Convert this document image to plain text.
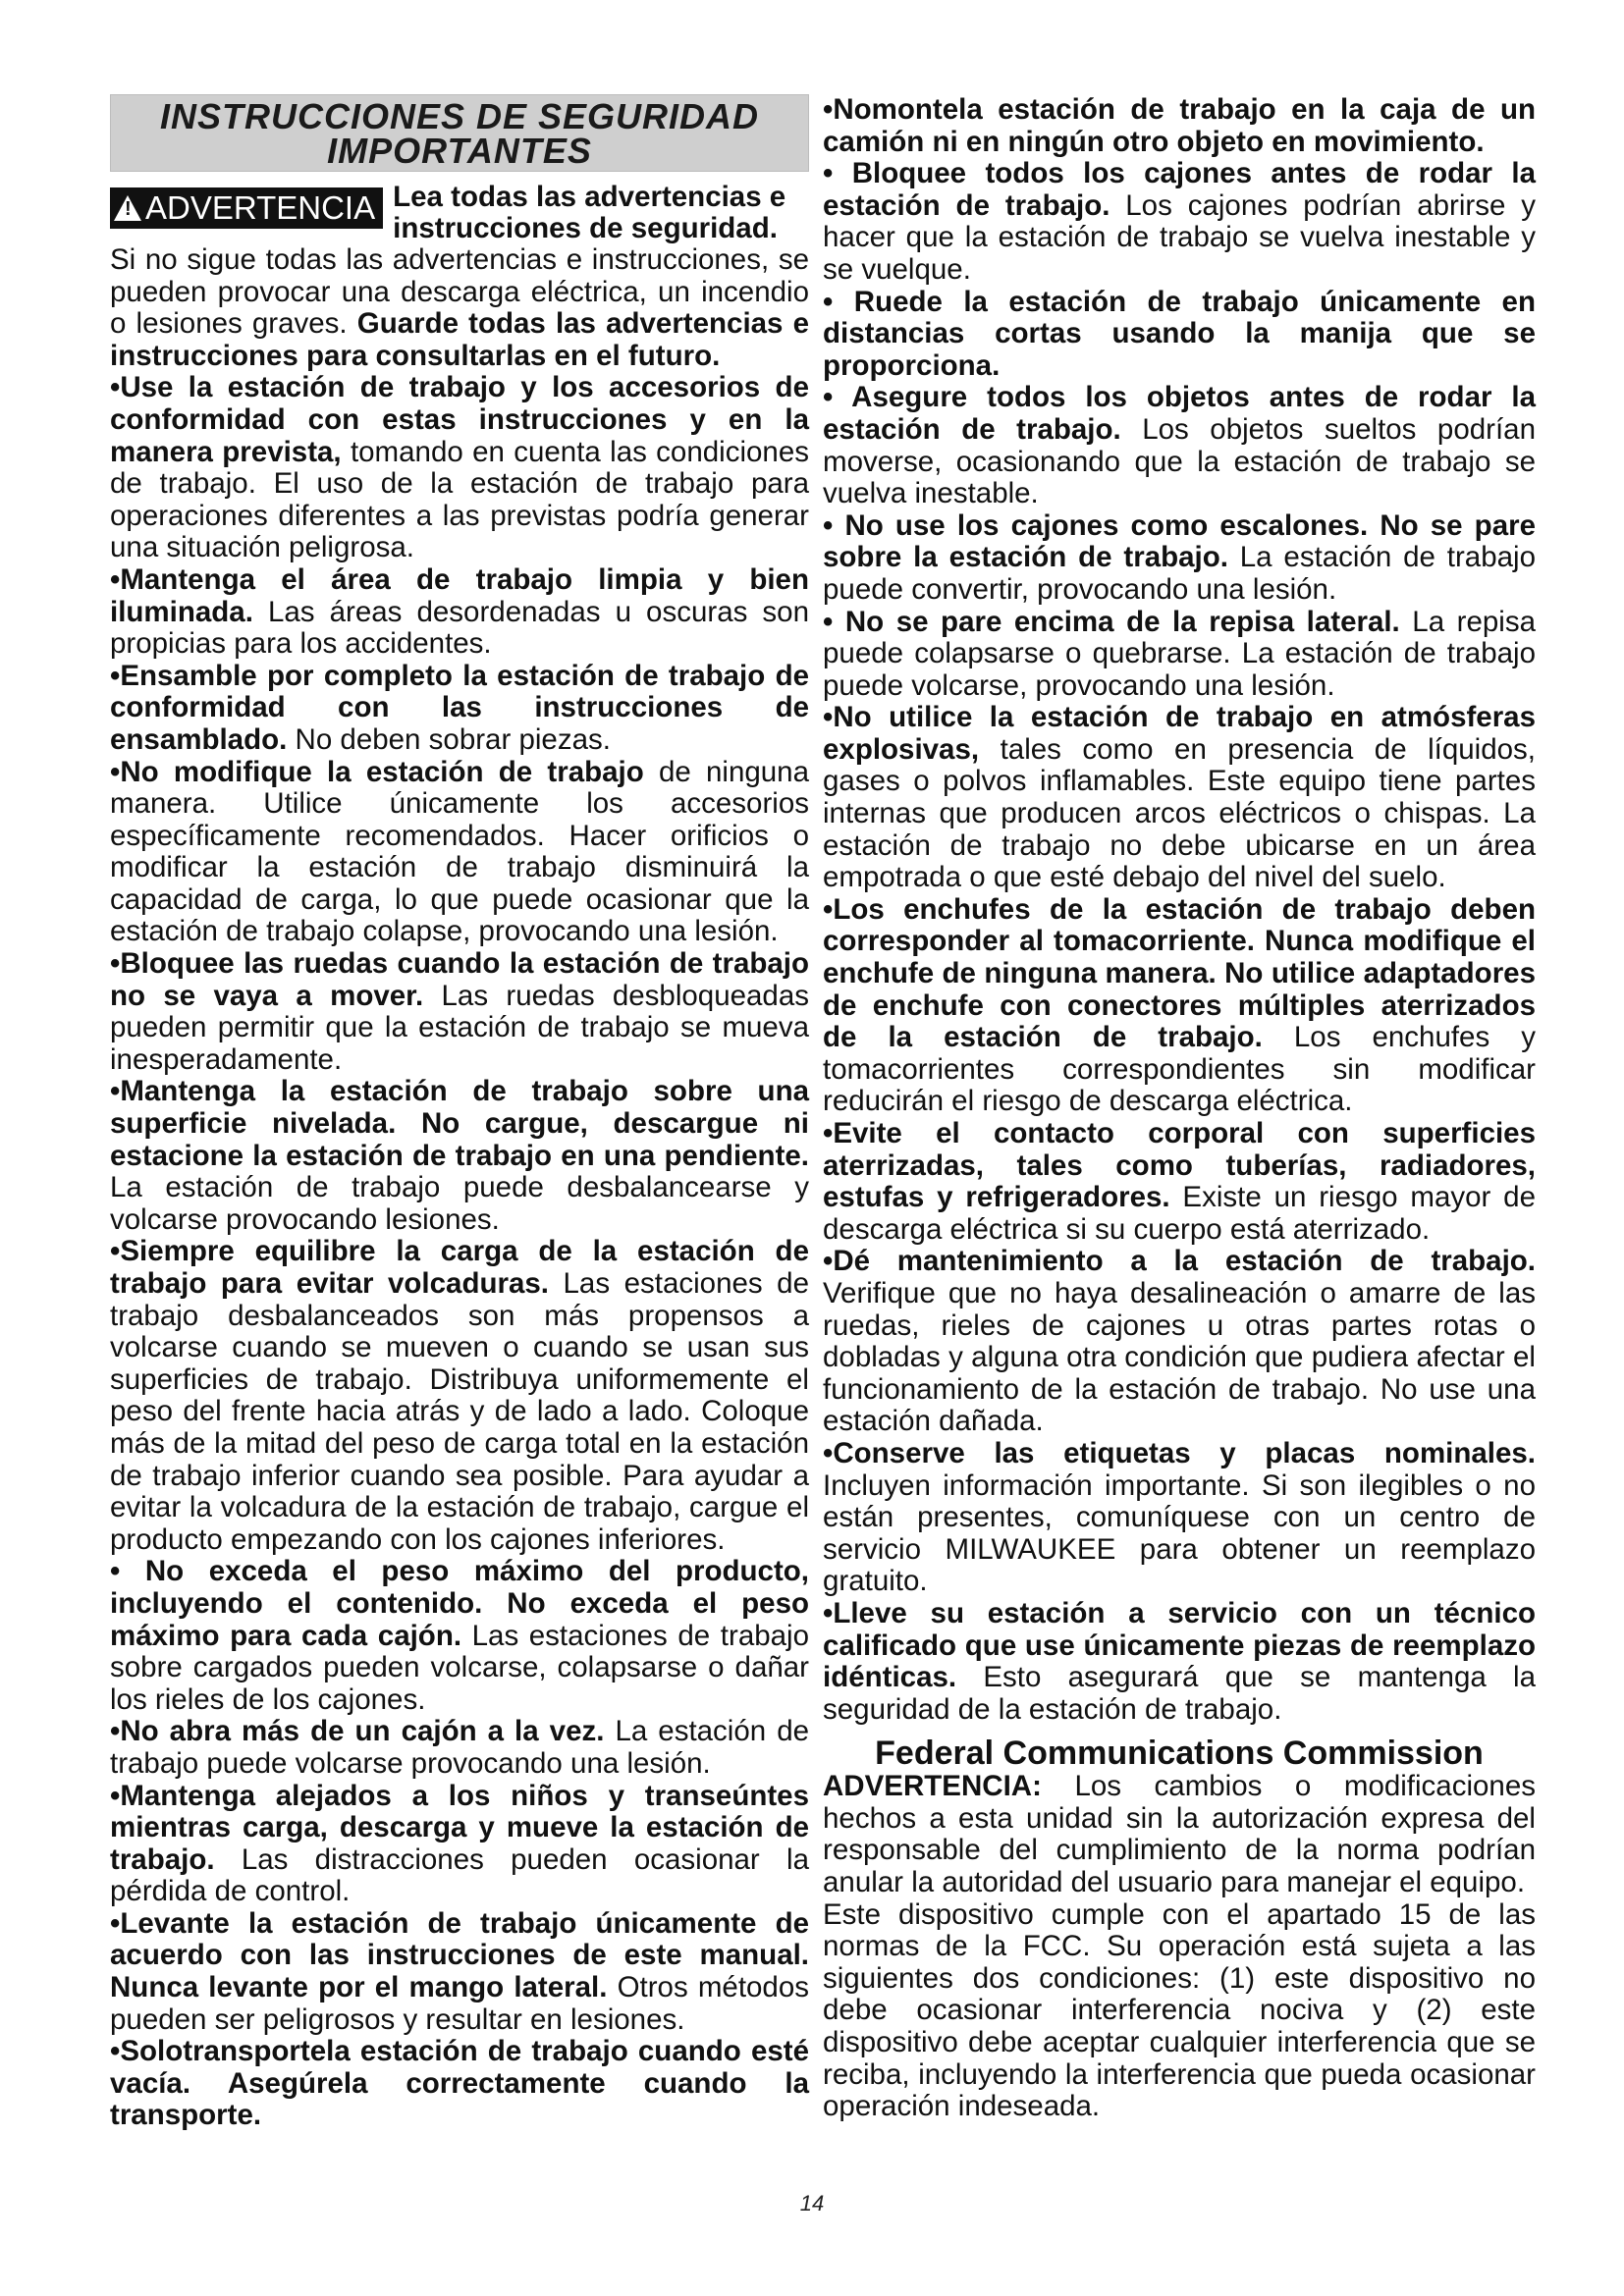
INSTRUCCIONES DE SEGURIDAD
IMPORTANTES
!
ADVERTENCIA Lea todas las advertencias e instrucciones de seguridad.

Si no sigue todas las advertencias e instrucciones, se pueden provocar una descarga eléctrica, un incendio o lesiones graves. Guarde todas las advertencias e instrucciones para consultarlas en el futuro.

•Use la estación de trabajo y los accesorios de conformidad con estas instrucciones y en la manera prevista, tomando en cuenta las condiciones de trabajo. El uso de la estación de trabajo para operaciones diferentes a las previstas podría generar una situación peligrosa.

•Mantenga el área de trabajo limpia y bien iluminada. Las áreas desordenadas u oscuras son propicias para los accidentes.

•Ensamble por completo la estación de trabajo de conformidad con las instrucciones de ensamblado. No deben sobrar piezas.

•No modifique la estación de trabajo de ninguna manera. Utilice únicamente los accesorios específicamente recomendados. Hacer orificios o modificar la estación de trabajo disminuirá la capacidad de carga, lo que puede ocasionar que la estación de trabajo colapse, provocando una lesión.

•Bloquee las ruedas cuando la estación de trabajo no se vaya a mover. Las ruedas desbloqueadas pueden permitir que la estación de trabajo se mueva inesperadamente.

•Mantenga la estación de trabajo sobre una superficie nivelada. No cargue, descargue ni estacione la estación de trabajo en una pendiente. La estación de trabajo puede desbalancearse y volcarse provocando lesiones.

•Siempre equilibre la carga de la estación de trabajo para evitar volcaduras. Las estaciones de trabajo desbalanceados son más propensos a volcarse cuando se mueven o cuando se usan sus superficies de trabajo. Distribuya uniformemente el peso del frente hacia atrás y de lado a lado. Coloque más de la mitad del peso de carga total en la estación de trabajo inferior cuando sea posible. Para ayudar a evitar la volcadura de la estación de trabajo, cargue el producto empezando con los cajones inferiores.

• No exceda el peso máximo del producto, incluyendo el contenido. No exceda el peso máximo para cada cajón. Las estaciones de trabajo sobre cargados pueden volcarse, colapsarse o dañar los rieles de los cajones.

•No abra más de un cajón a la vez. La estación de trabajo puede volcarse provocando una lesión.

•Mantenga alejados a los niños y transeúntes mientras carga, descarga y mueve la estación de trabajo. Las distracciones pueden ocasionar la pérdida de control.

•Levante la estación de trabajo únicamente de acuerdo con las instrucciones de este manual. Nunca levante por el mango lateral. Otros métodos pueden ser peligrosos y resultar en lesiones.

•Solotransportela estación de trabajo cuando esté vacía. Asegúrela correctamente cuando la transporte.

•Nomontela estación de trabajo en la caja de un camión ni en ningún otro objeto en movimiento.

• Bloquee todos los cajones antes de rodar la estación de trabajo. Los cajones podrían abrirse y hacer que la estación de trabajo se vuelva inestable y se vuelque.

• Ruede la estación de trabajo únicamente en distancias cortas usando la manija que se proporciona.

• Asegure todos los objetos antes de rodar la estación de trabajo. Los objetos sueltos podrían moverse, ocasionando que la estación de trabajo se vuelva inestable.

• No use los cajones como escalones. No se pare sobre la estación de trabajo. La estación de trabajo puede convertir, provocando una lesión.

• No se pare encima de la repisa lateral. La repisa puede colapsarse o quebrarse. La estación de trabajo puede volcarse, provocando una lesión.

•No utilice la estación de trabajo en atmósferas explosivas, tales como en presencia de líquidos, gases o polvos inflamables. Este equipo tiene partes internas que producen arcos eléctricos o chispas. La estación de trabajo no debe ubicarse en un área empotrada o que esté debajo del nivel del suelo.

•Los enchufes de la estación de trabajo deben corresponder al tomacorriente. Nunca modifique el enchufe de ninguna manera. No utilice adaptadores de enchufe con conectores múltiples aterrizados de la estación de trabajo. Los enchufes y tomacorrientes correspondientes sin modificar reducirán el riesgo de descarga eléctrica.

•Evite el contacto corporal con superficies aterrizadas, tales como tuberías, radiadores, estufas y refrigeradores. Existe un riesgo mayor de descarga eléctrica si su cuerpo está aterrizado.

•Dé mantenimiento a la estación de trabajo. Verifique que no haya desalineación o amarre de las ruedas, rieles de cajones u otras partes rotas o dobladas y alguna otra condición que pudiera afectar el funcionamiento de la estación de trabajo. No use una estación dañada.

•Conserve las etiquetas y placas nominales. Incluyen información importante. Si son ilegibles o no están presentes, comuníquese con un centro de servicio MILWAUKEE para obtener un reemplazo gratuito.

•Lleve su estación a servicio con un técnico calificado que use únicamente piezas de reemplazo idénticas. Esto asegurará que se mantenga la seguridad de la estación de trabajo.

Federal Communications Commission

ADVERTENCIA: Los cambios o modificaciones hechos a esta unidad sin la autorización expresa del responsable del cumplimiento de la norma podrían anular la autoridad del usuario para manejar el equipo.

Este dispositivo cumple con el apartado 15 de las normas de la FCC. Su operación está sujeta a las siguientes dos condiciones: (1) este dispositivo no debe ocasionar interferencia nociva y (2) este dispositivo debe aceptar cualquier interferencia que se reciba, incluyendo la interferencia que pueda ocasionar operación indeseada.

14
